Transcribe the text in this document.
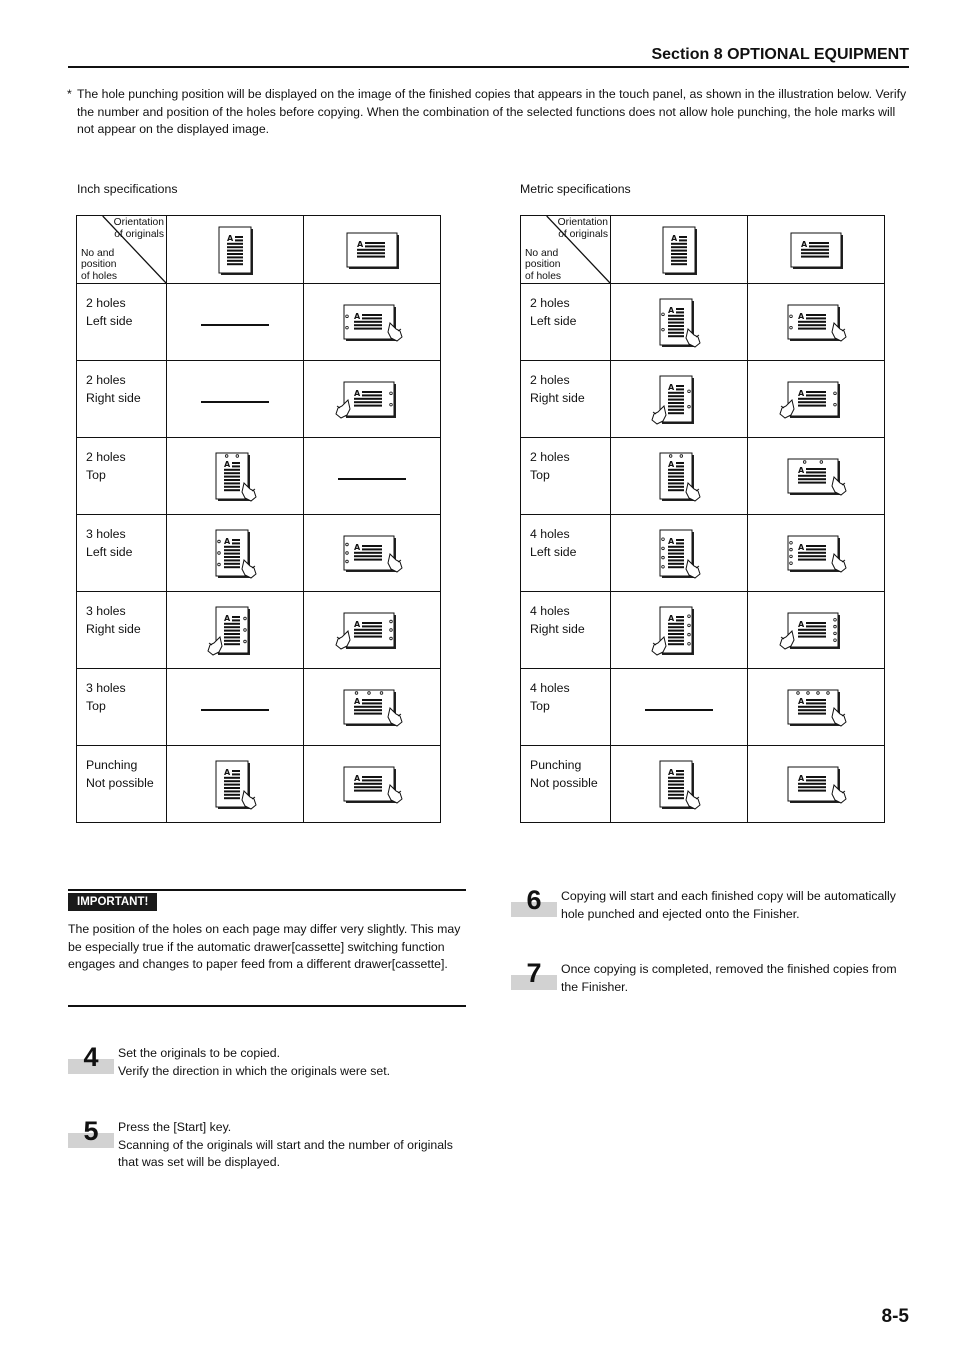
Section 8 OPTIONAL EQUIPMENT
* The hole punching position will be displayed on the image of the finished copies that appears in the touch panel, as shown in the illustration below. Verify the number and position of the holes before copying. When the combination of the selected functions does not allow hole punching, the hole marks will not appear on the displayed image.
Inch specifications	Metric specifications
Orientation
of originals
No and
position
of holes	A	A

2 holes
Left side		A

2 holes
Right side		A

2 holes
Top	A	

3 holes
Left side	A	A

3 holes
Right side	A	A

3 holes
Top		A

Punching
Not possible	A	A
Orientation
of originals
No and
position
of holes	A	A

2 holes
Left side	A	A

2 holes
Right side	A	A

2 holes
Top	A	A

4 holes
Left side	A	A

4 holes
Right side	A	A

4 holes
Top		A

Punching
Not possible	A	A
IMPORTANT!
The position of the holes on each page may differ very slightly. This may be especially true if the automatic drawer[cassette] switching function engages and changes to paper feed from a different drawer[cassette].
4	Set the originals to be copied.
Verify the direction in which the originals were set.
5	Press the [Start] key.
Scanning of the originals will start and the number of originals that was set will be displayed.
6	Copying will start and each finished copy will be automatically hole punched and ejected onto the Finisher.
7	Once copying is completed, removed the finished copies from the Finisher.
8-5
